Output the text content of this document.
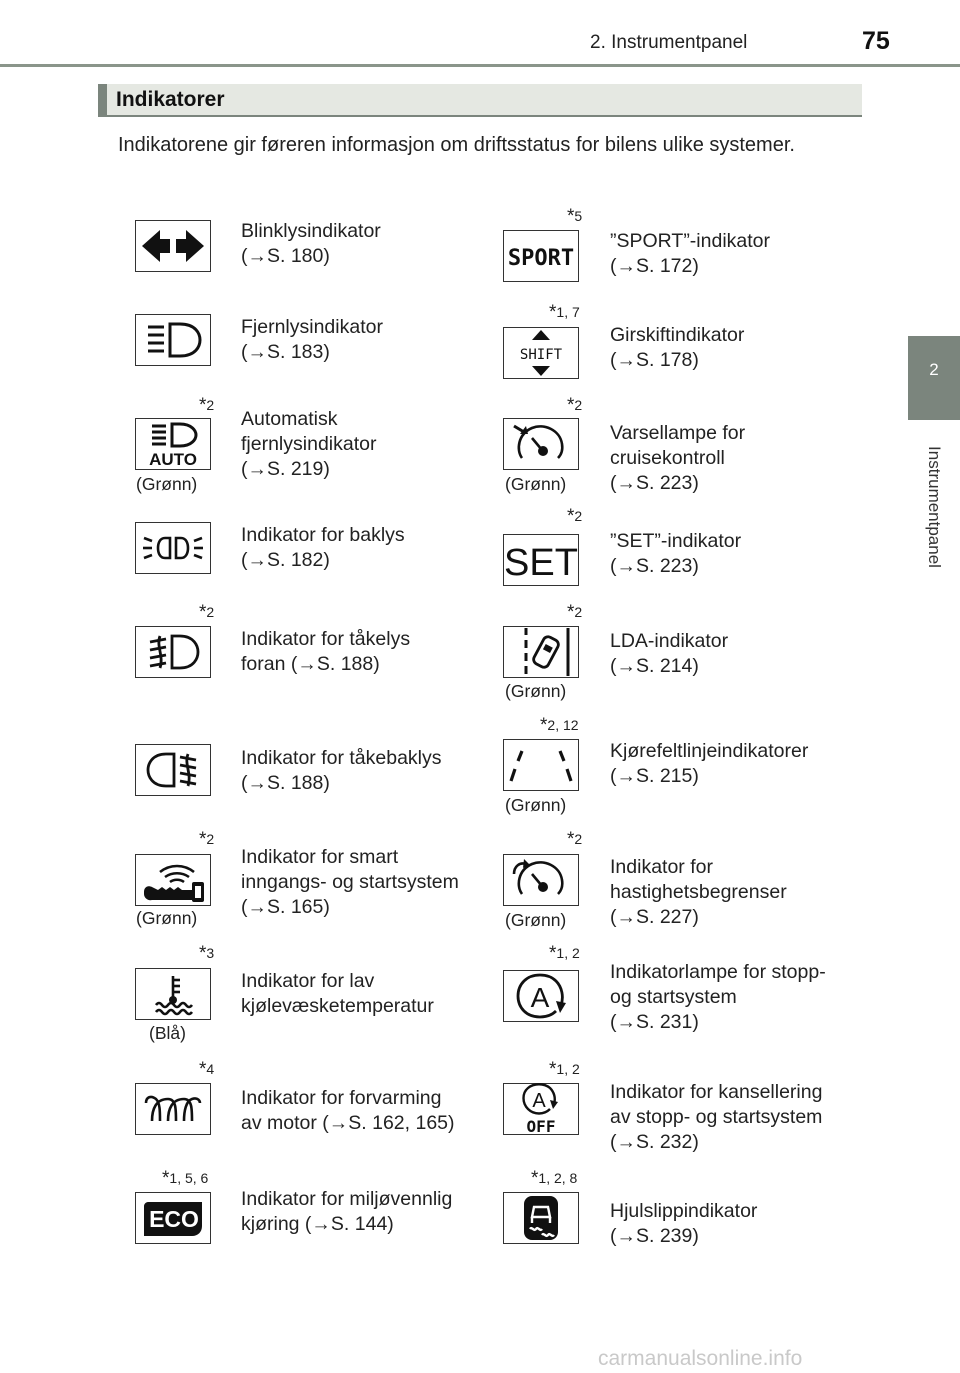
2. Instrumentpanel	75
2
Instrumentpanel
Indikatorer
Indikatorene gir føreren informasjon om driftsstatus for bilens ulike systemer.
Blinklysindikator
(→S. 180)
Fjernlysindikator
(→S. 183)
*2
AUTO
(Grønn)
Automatisk
fjernlysindikator
(→S. 219)
Indikator for baklys
(→S. 182)
*2
Indikator for tåkelys
foran (→S. 188)
Indikator for tåkebaklys
(→S. 188)
*2
(Grønn)
Indikator for smart
inngangs- og startsystem
(→S. 165)
*3
(Blå)
Indikator for lav
kjølevæsketemperatur
*4
Indikator for forvarming
av motor (→S. 162, 165)
*1, 5, 6
ECO
Indikator for miljøvennlig
kjøring (→S. 144)
*5
SPORT
”SPORT”-indikator
(→S. 172)
*1, 7
SHIFT
Girskiftindikator
(→S. 178)
*2
(Grønn)
Varsellampe for
cruisekontroll
(→S. 223)
*2
SET
”SET”-indikator
(→S. 223)
*2
(Grønn)
LDA-indikator
(→S. 214)
*2, 12
(Grønn)
Kjørefeltlinjeindikatorer
(→S. 215)
*2
(Grønn)
Indikator for
hastighetsbegrenser
(→S. 227)
*1, 2
A
Indikatorlampe for stopp-
og startsystem
(→S. 231)
*1, 2
A
OFF
Indikator for kansellering
av stopp- og startsystem
(→S. 232)
*1, 2, 8
Hjulslippindikator
(→S. 239)
carmanualsonline.info
